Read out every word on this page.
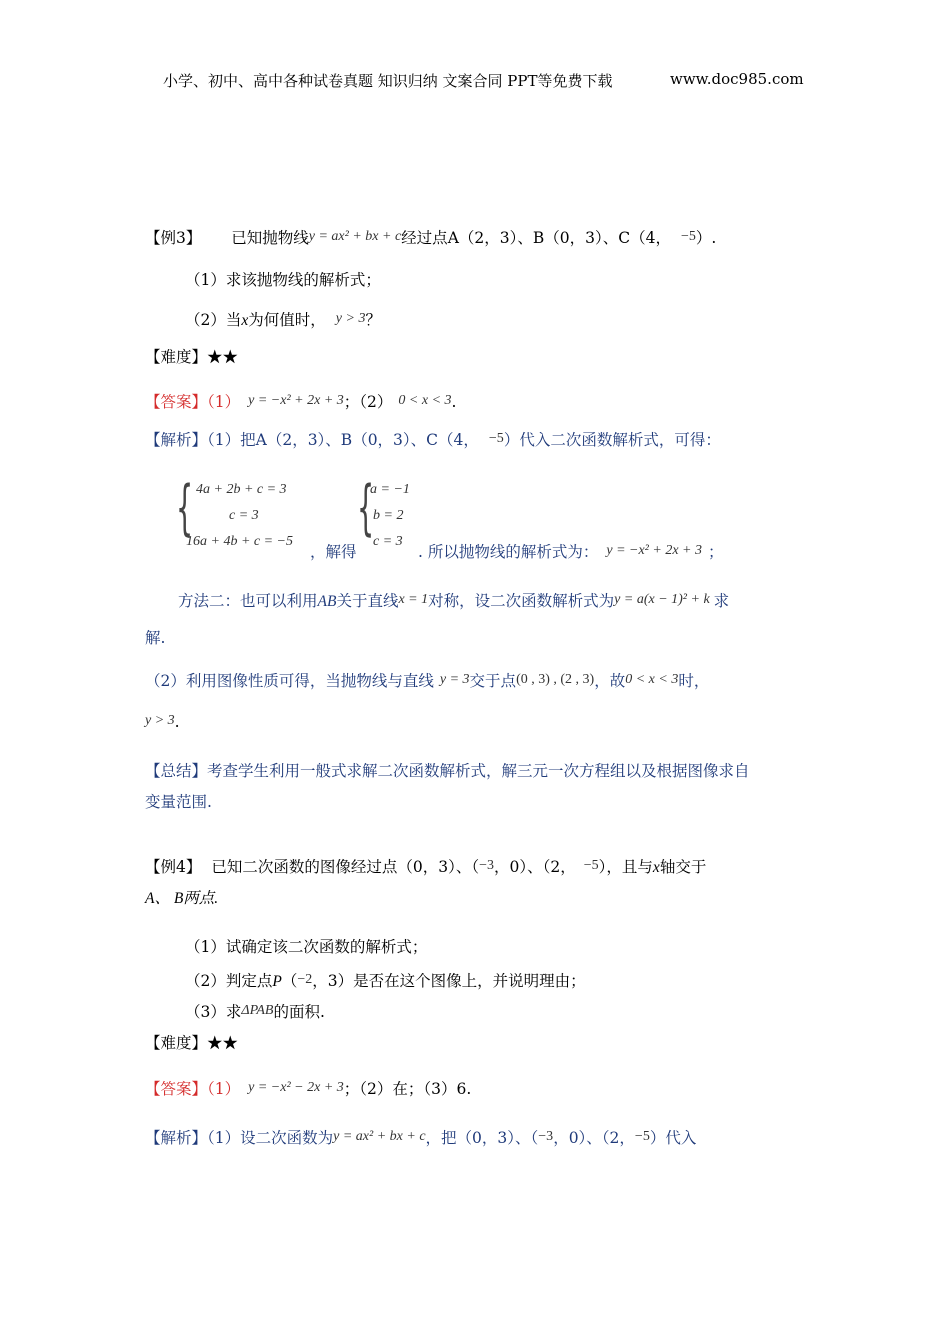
小学、初中、高中各种试卷真题 知识归纳 文案合同 PPT等免费下载	www.doc985.com
【例3】 已知抛物线y = ax² + bx + c经过点A（2，3）、B（0，3）、C（4， −5）.
（1）求该抛物线的解析式；
（2）当x为何值时， y > 3？
【难度】★★
【答案】（1） y = −x² + 2x + 3；（2） 0 < x < 3.
【解析】（1）把A（2，3）、B（0，3）、C（4， −5）代入二次函数解析式，可得：
{ 4a + 2b + c = 3
c = 3
16a + 4b + c = −5
，解得
{
a = −1
b = 2
c = 3
. 所以抛物线的解析式为： y = −x² + 2x + 3 ；
方法二：也可以利用AB关于直线x = 1对称，设二次函数解析式为y = a(x − 1)² + k 求
解.
（2）利用图像性质可得，当抛物线与直线 y = 3交于点(0 , 3) , (2 , 3)，故0 < x < 3时，
y > 3.
【总结】考查学生利用一般式求解二次函数解析式，解三元一次方程组以及根据图像求自
变量范围.
【例4】 已知二次函数的图像经过点（0，3）、（−3，0）、（2， −5），且与x轴交于
A、 B两点.
（1）试确定该二次函数的解析式；
（2）判定点P（−2，3）是否在这个图像上，并说明理由；
（3）求ΔPAB的面积.
【难度】★★
【答案】（1） y = −x² − 2x + 3；（2）在；（3）6.
【解析】（1）设二次函数为y = ax² + bx + c，把（0，3）、（−3，0）、（2，−5）代入
